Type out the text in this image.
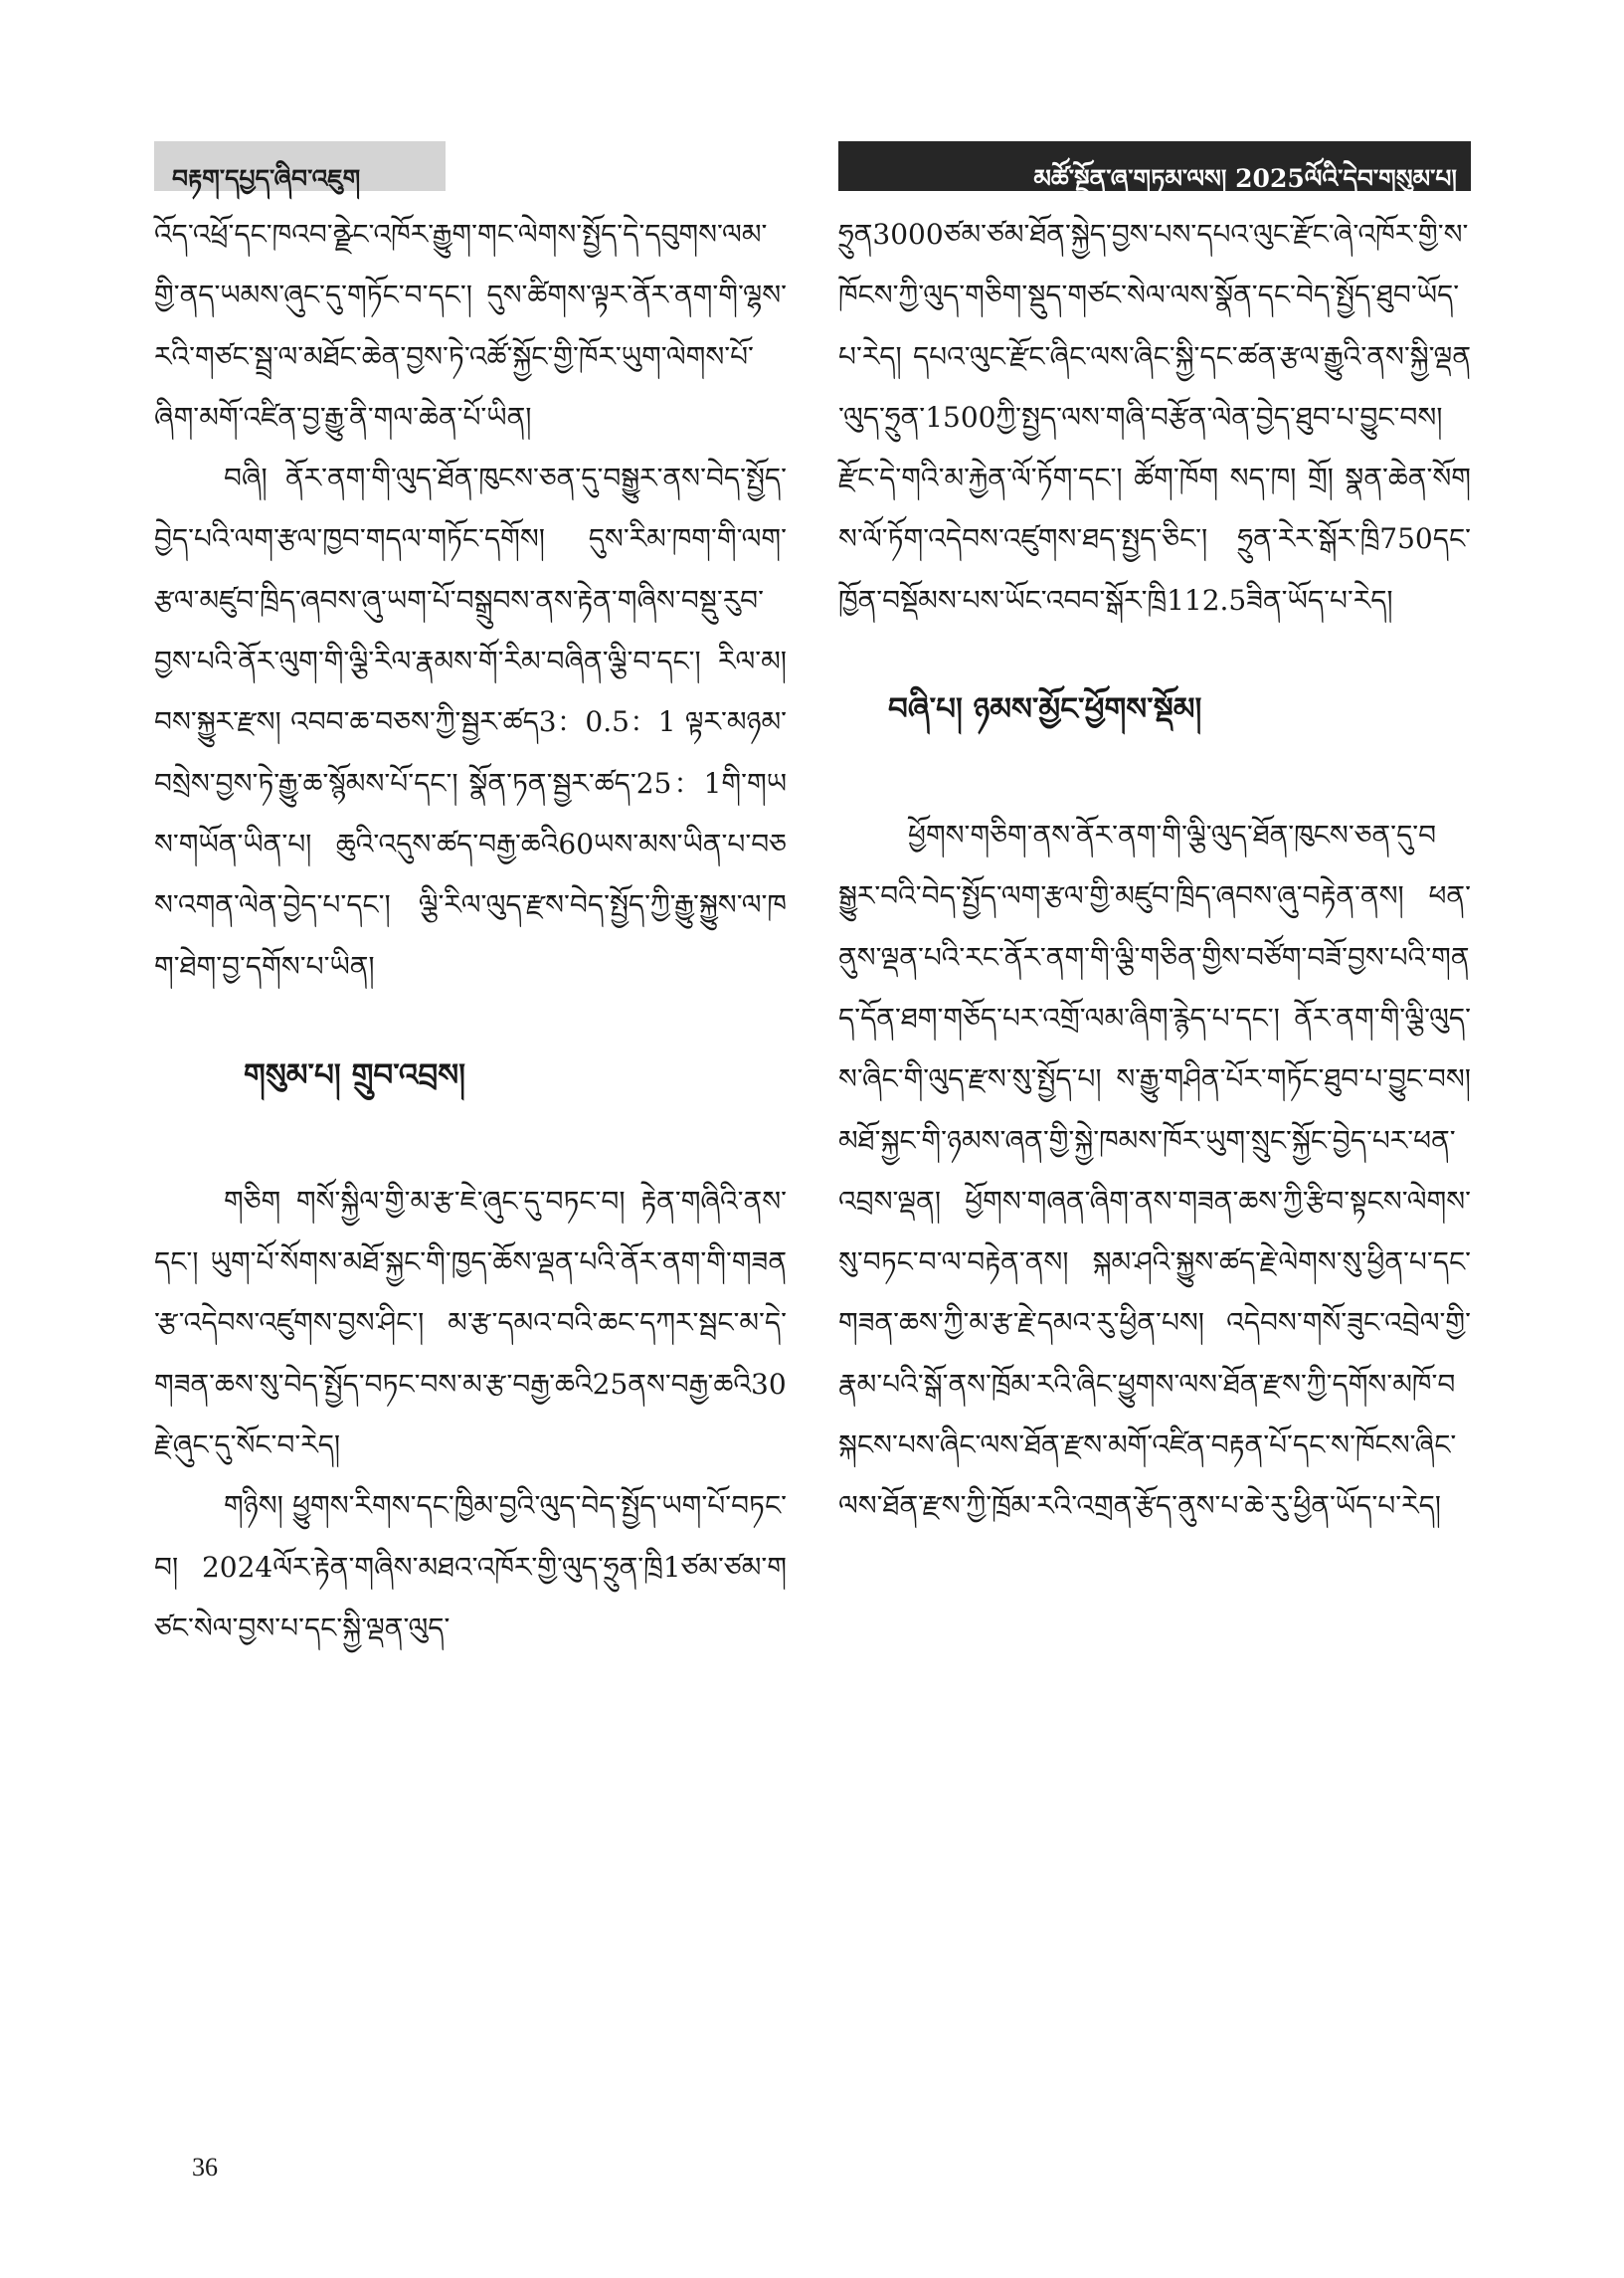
བརྟག་དཔྱད་ཞིབ་འཇུག	མཚོ་སྔོན་ཞྭ་གཏམ་ལས། 2025ལོའི་དེབ་གསུམ་པ།

འོད་འཕྲོ་དང་ཁའབ་ནྫེང་འཁོར་རྒྱུག་གང་ལེགས་སྤྱོད་དེ་དབུགས་ལམ་གྱི་ནད་ཡམས་ཞུང་དུ་གཏོང་བ་དང་། དུས་ཚིགས་ལྟར་ནོར་ནག་གི་ལྷས་རའི་གཙང་སྦྲ་ལ་མཐོང་ཆེན་བྱས་ཏེ་འཚོ་སྐྱོང་གྱི་ཁོར་ཡུག་ལེགས་པོ་ཞིག་མགོ་འཛིན་བྱ་རྒྱུ་ནི་གལ་ཆེན་པོ་ཡིན།

བཞི། ནོར་ནག་གི་ལུད་ཐོན་ཁུངས་ཅན་དུ་བསྒྱུར་ནས་བེད་སྤྱོད་བྱེད་པའི་ལག་རྩལ་ཁྱབ་གདལ་གཏོང་དགོས། དུས་རིམ་ཁག་གི་ལག་རྩལ་མཛུབ་ཁྲིད་ཞབས་ཞུ་ཡག་པོ་བསྒྲུབས་ནས་རྟེན་གཞིས་བསྡུ་རུབ་བྱས་པའི་ནོར་ལུག་གི་ལྕི་རིལ་རྣམས་གོ་རིམ་བཞིན་ལྕི་བ་དང་། རིལ་མ། བས་སྐྱུར་རྫས། འབབ་ཆ་བཅས་ཀྱི་སྦྱར་ཚད3：0.5：1 ལྟར་མཉམ་བསྲེས་བྱས་ཏེ་རྒྱུ་ཆ་སྙོམས་པོ་དང་། སྣོན་ཏན་སྦྱར་ཚད་25：1གི་གཡས་གཡོན་ཡིན་པ། ཆུའི་འདུས་ཚད་བརྒྱ་ཆའི60ཡས་མས་ཡིན་པ་བཅས་འགན་ལེན་བྱེད་པ་དང་། ལྕི་རིལ་ལུད་རྫས་བེད་སྤྱོད་ཀྱི་རྒྱུ་སྐྱུས་ལ་ཁག་ཐེག་བྱ་དགོས་པ་ཡིན།

གསུམ་པ། གྲུབ་འབྲས།

གཅིག གསོ་སྐྱིལ་གྱི་མ་རྩ་ཇེ་ཞུང་དུ་བཏང་བ། རྟེན་གཞིའི་ནས་དང་། ཡུག་པོ་སོགས་མཐོ་སྐྱང་གི་ཁྱད་ཆོས་ལྡན་པའི་ནོར་ནག་གི་གཟན་རྩ་འདེབས་འཛུགས་བྱས་ཤིང་། མ་རྩ་དམའ་བའི་ཆང་དཀར་སྦང་མ་དེ་གཟན་ཆས་སུ་བེད་སྤྱོད་བཏང་བས་མ་རྩ་བརྒྱ་ཆའི25ནས་བརྒྱ་ཆའི30རྗེ་ཞུང་དུ་སོང་བ་རེད།

གཉིས། ཕྱུགས་རིགས་དང་ཁྱིམ་བྱའི་ལུད་བེད་སྤྱོད་ཡག་པོ་བཏང་བ། 2024ལོར་རྟེན་གཞིས་མཐའ་འཁོར་གྱི་ལུད་ཧྲུན་ཁྲི1ཙམ་ཙམ་གཙང་སེལ་བྱས་པ་དང་སྐྱི་ལྡན་ལུད་

ཧྲུན3000ཙམ་ཙམ་ཐོན་སྐྱེད་བྱས་པས་དཔའ་ལུང་རྫོང་ཞེ་འཁོར་གྱི་ས་ཁོངས་ཀྱི་ལུད་གཅིག་སྡུད་གཙང་སེལ་ལས་སྣོན་དང་བེད་སྤྱོད་ཐུབ་ཡོད་པ་རེད། དཔའ་ལུང་རྫོང་ཞིང་ལས་ཞིང་སྐྱི་དང་ཚན་རྩལ་རྒྱུའི་ནས་སྐྱི་ལྡན་ལུད་ཧྲུན་1500ཀྱི་སྤྱད་ལས་གཞི་བརྩོན་ལེན་བྱེད་ཐུབ་པ་བྱུང་བས། རྫོང་དེ་གའི་མ་རྐྱེན་ལོ་ཏོག་དང་། ཚོག་ཁོག སད་ཁ། གྲོ། སྣན་ཆེན་སོགས་ལོ་ཏོག་འདེབས་འཛུགས་ཐད་སྤྱད་ཅིང་། ཧྲུན་རེར་སྒོར་ཁྲི750དང་ཁྱོན་བསྡོམས་པས་ཡོང་འབབ་སྒོར་ཁྲི112.5ཟིན་ཡོད་པ་རེད།

བཞི་པ། ཉམས་མྱོང་ཕྱོགས་སྡོམ།

ཕྱོགས་གཅིག་ནས་ནོར་ནག་གི་ལྕི་ལུད་ཐོན་ཁུངས་ཅན་དུ་བསྒྱུར་བའི་བེད་སྤྱོད་ལག་རྩལ་གྱི་མཛུབ་ཁྲིད་ཞབས་ཞུ་བརྟེན་ནས། ཕན་ནུས་ལྡན་པའི་རང་ནོར་ནག་གི་ལྕི་གཅིན་གྱིས་བཙོག་བཟོ་བྱས་པའི་གནད་དོན་ཐག་གཅོད་པར་འགྲོ་ལམ་ཞིག་རྙེད་པ་དང་། ནོར་ནག་གི་ལྕི་ལུད་ས་ཞིང་གི་ལུད་རྫས་སུ་སྤྱོད་པ། ས་རྒྱུ་གཤིན་པོར་གཏོང་ཐུབ་པ་བྱུང་བས། མཐོ་སྐྱང་གི་ཉམས་ཞན་གྱི་སྐྱེ་ཁམས་ཁོར་ཡུག་སྲུང་སྐྱོང་བྱེད་པར་ཕན་འབྲས་ལྡན། ཕྱོགས་གཞན་ཞིག་ནས་གཟན་ཆས་ཀྱི་རྩིབ་སྟངས་ལེགས་སུ་བཏང་བ་ལ་བརྟེན་ནས། སྐམ་ཤའི་སྐྱུས་ཚད་རྗེ་ལེགས་སུ་ཕྱིན་པ་དང་གཟན་ཆས་ཀྱི་མ་རྩ་རྗེ་དམའ་རུ་ཕྱིན་པས། འདེབས་གསོ་ཟུང་འབྲེལ་གྱི་རྣམ་པའི་སྒོ་ནས་ཁྲོམ་རའི་ཞིང་ཕྱུགས་ལས་ཐོན་རྫས་ཀྱི་དགོས་མཁོ་བསྐངས་པས་ཞིང་ལས་ཐོན་རྫས་མགོ་འཛིན་བརྟན་པོ་དང་ས་ཁོངས་ཞིང་ལས་ཐོན་རྫས་ཀྱི་ཁྲོམ་རའི་འགྲན་རྩོད་ནུས་པ་ཆེ་རུ་ཕྱིན་ཡོད་པ་རེད།

36
